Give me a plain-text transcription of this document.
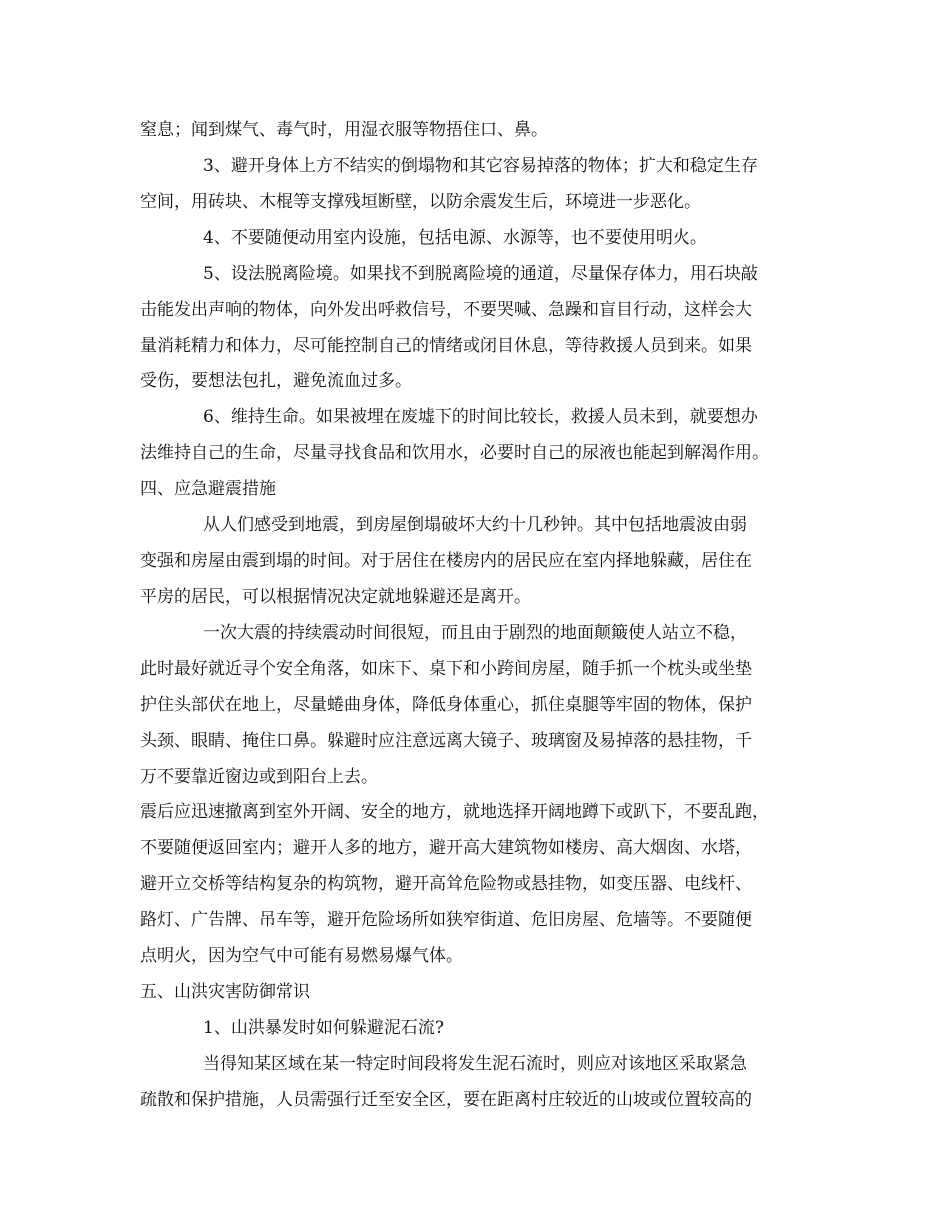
窒息；闻到煤气、毒气时，用湿衣服等物捂住口、鼻。
3、避开身体上方不结实的倒塌物和其它容易掉落的物体；扩大和稳定生存
空间，用砖块、木棍等支撑残垣断壁，以防余震发生后，环境进一步恶化。
4、不要随便动用室内设施，包括电源、水源等，也不要使用明火。
5、设法脱离险境。如果找不到脱离险境的通道，尽量保存体力，用石块敲
击能发出声响的物体，向外发出呼救信号，不要哭喊、急躁和盲目行动，这样会大
量消耗精力和体力，尽可能控制自己的情绪或闭目休息，等待救援人员到来。如果
受伤，要想法包扎，避免流血过多。
6、维持生命。如果被埋在废墟下的时间比较长，救援人员未到，就要想办
法维持自己的生命，尽量寻找食品和饮用水，必要时自己的尿液也能起到解渴作用。
四、应急避震措施
从人们感受到地震，到房屋倒塌破坏大约十几秒钟。其中包括地震波由弱
变强和房屋由震到塌的时间。对于居住在楼房内的居民应在室内择地躲藏，居住在
平房的居民，可以根据情况决定就地躲避还是离开。
一次大震的持续震动时间很短，而且由于剧烈的地面颠簸使人站立不稳，
此时最好就近寻个安全角落，如床下、桌下和小跨间房屋，随手抓一个枕头或坐垫
护住头部伏在地上，尽量蜷曲身体，降低身体重心，抓住桌腿等牢固的物体，保护
头颈、眼睛、掩住口鼻。躲避时应注意远离大镜子、玻璃窗及易掉落的悬挂物，千
万不要靠近窗边或到阳台上去。
震后应迅速撤离到室外开阔、安全的地方，就地选择开阔地蹲下或趴下，不要乱跑，
不要随便返回室内；避开人多的地方，避开高大建筑物如楼房、高大烟囱、水塔，
避开立交桥等结构复杂的构筑物，避开高耸危险物或悬挂物，如变压器、电线杆、
路灯、广告牌、吊车等，避开危险场所如狭窄街道、危旧房屋、危墙等。不要随便
点明火，因为空气中可能有易燃易爆气体。
五、山洪灾害防御常识
1、山洪暴发时如何躲避泥石流?
当得知某区域在某一特定时间段将发生泥石流时，则应对该地区采取紧急
疏散和保护措施，人员需强行迁至安全区，要在距离村庄较近的山坡或位置较高的
